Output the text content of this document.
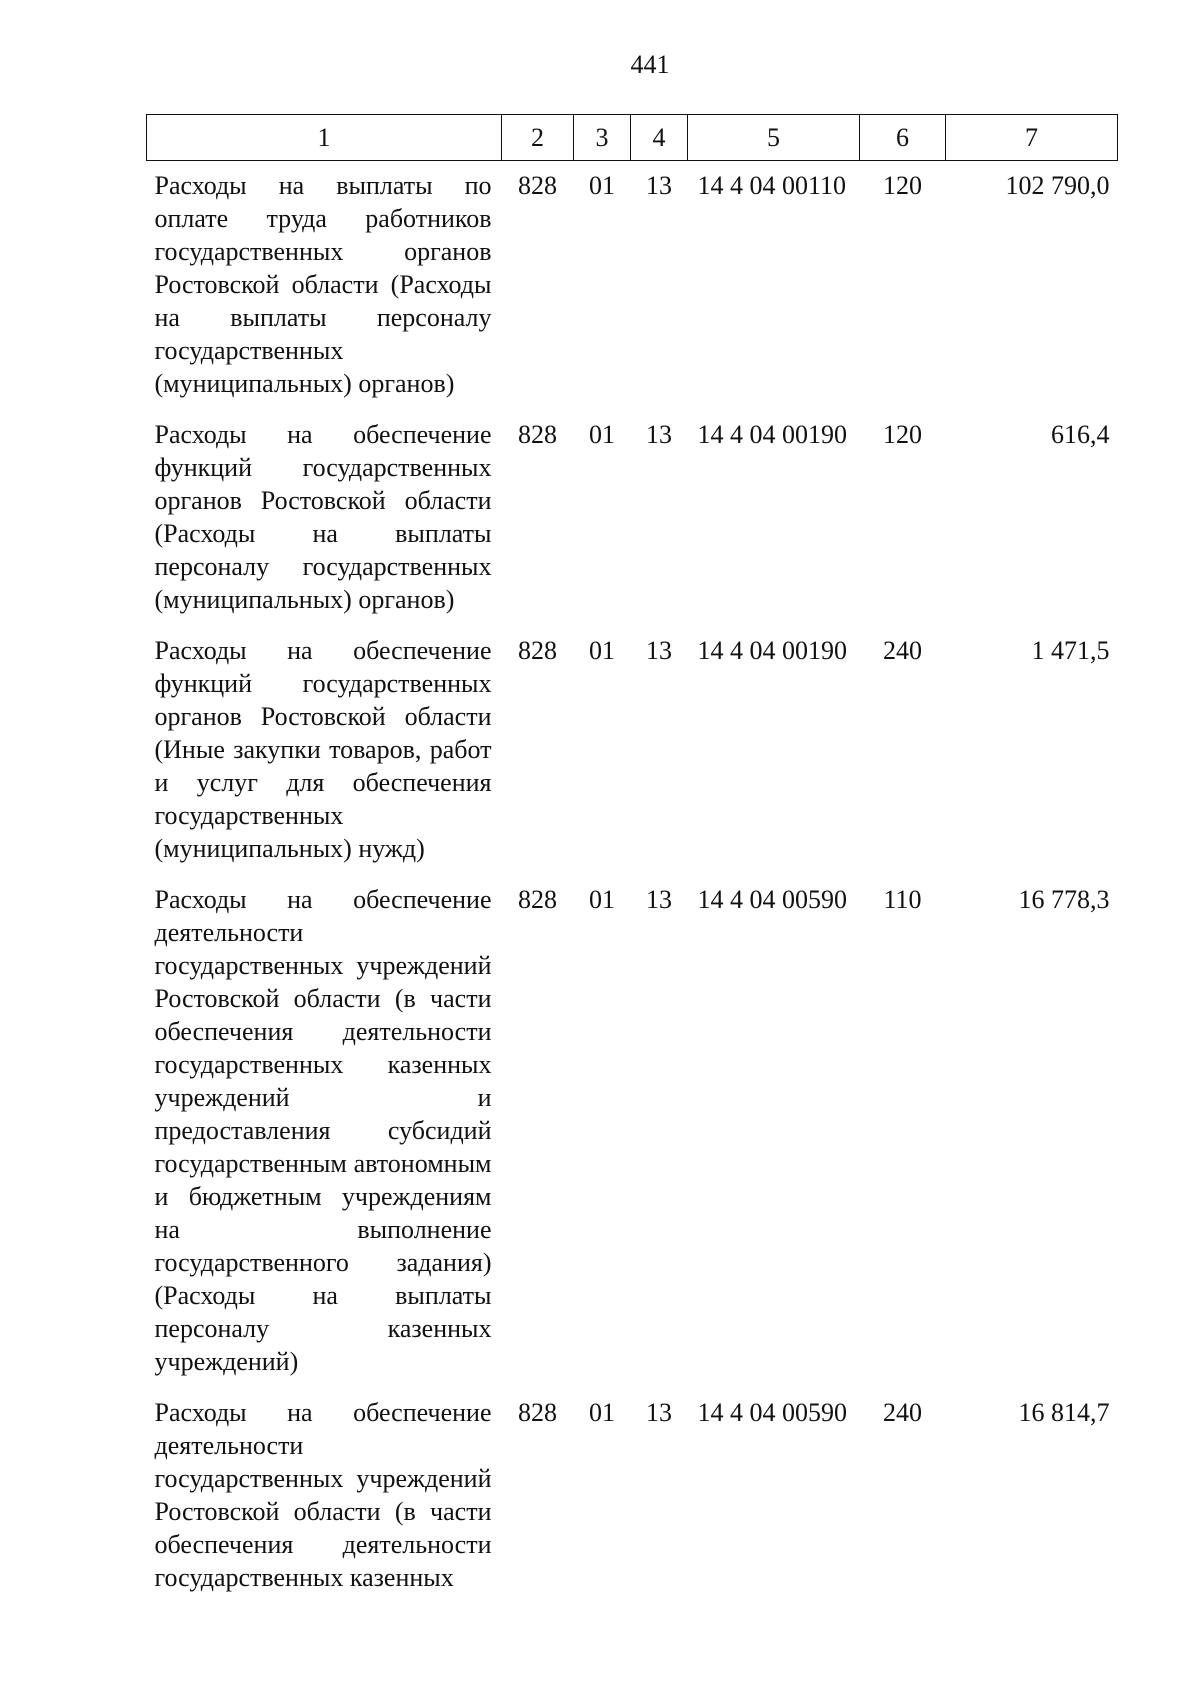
441
1	2	3	4	5	6	7
Расходы на выплаты по оплате труда работников государственных органов Ростовской области (Расходы на выплаты персоналу государственных (муниципальных) органов)	828	01	13	14 4 04 00110	120	102 790,0
Расходы на обеспечение функций государственных органов Ростовской области (Расходы на выплаты персоналу государственных (муниципальных) органов)	828	01	13	14 4 04 00190	120	616,4
Расходы на обеспечение функций государственных органов Ростовской области (Иные закупки товаров, работ и услуг для обеспечения государственных (муниципальных) нужд)	828	01	13	14 4 04 00190	240	1 471,5
Расходы на обеспечение деятельности государственных учреждений Ростовской области (в части обеспечения деятельности государственных казенных учреждений и предоставления субсидий государственным автономным и бюджетным учреждениям на выполнение государственного задания) (Расходы на выплаты персоналу казенных учреждений)	828	01	13	14 4 04 00590	110	16 778,3
Расходы на обеспечение деятельности государственных учреждений Ростовской области (в части обеспечения деятельности государственных казенных	828	01	13	14 4 04 00590	240	16 814,7
